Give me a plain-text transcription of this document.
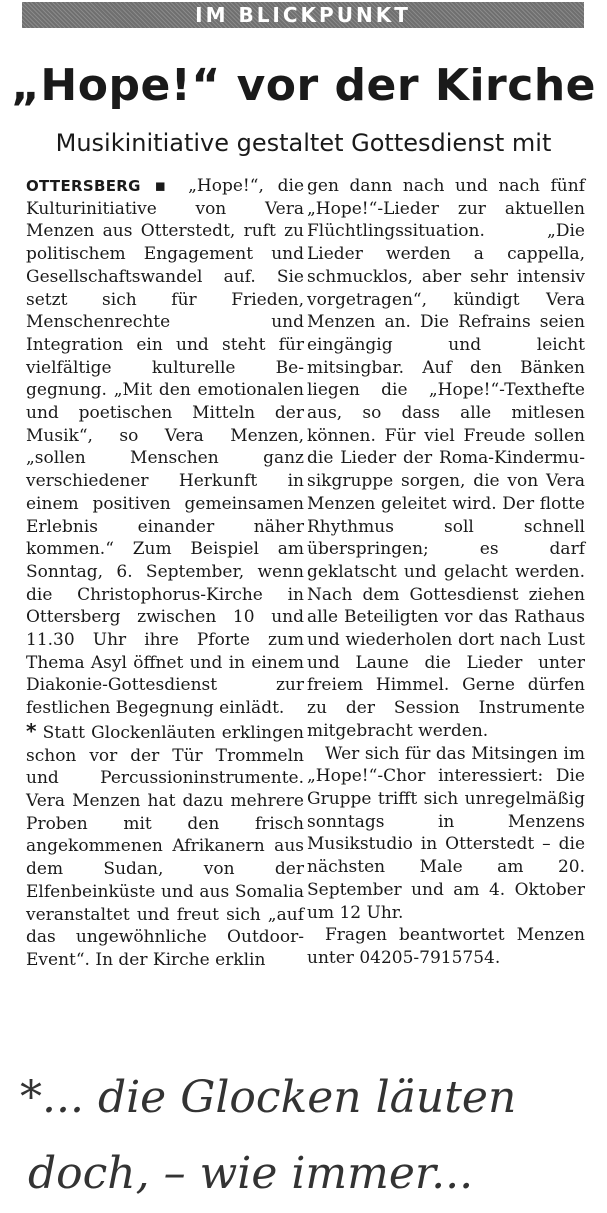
IM BLICKPUNKT
„Hope!“ vor der Kirche
Musikinitiative gestaltet Gottesdienst mit

OTTERSBERG ▪ „Hope!“, die Kulturinitiative von Vera Menzen aus Otterstedt, ruft zu politischem Engagement und Gesellschaftswandel auf. Sie setzt sich für Frieden, Menschenrechte und Integration ein und steht für vielfältige kulturelle Begegnung. „Mit den emotionalen und poetischen Mitteln der Musik“, so Vera Menzen, „sollen Menschen ganz verschiedener Herkunft in einem positiven gemeinsamen Erlebnis einander näher kommen.“ Zum Beispiel am Sonntag, 6. September, wenn die Christophorus-Kirche in Ottersberg zwischen 10 und 11.30 Uhr ihre Pforte zum Thema Asyl öffnet und in einem Diakonie-Gottesdienst zur festlichen Begegnung einlädt.

* Statt Glockenläuten erklingen schon vor der Tür Trommeln und Percussioninstrumente. Vera Menzen hat dazu mehrere Proben mit den frisch angekommenen Afrikanern aus dem Sudan, von der Elfenbeinküste und aus Somalia veranstaltet und freut sich „auf das ungewöhnliche Outdoor-Event“. In der Kirche erklin

gen dann nach und nach fünf „Hope!“-Lieder zur aktuellen Flüchtlingssituation. „Die Lieder werden a cappella, schmucklos, aber sehr intensiv vorgetragen“, kündigt Vera Menzen an. Die Refrains seien eingängig und leicht mitsingbar. Auf den Bänken liegen die „Hope!“-Texthefte aus, so dass alle mitlesen können. Für viel Freude sollen die Lieder der Roma-Kindermusikgruppe sorgen, die von Vera Menzen geleitet wird. Der flotte Rhythmus soll schnell überspringen; es darf geklatscht und gelacht werden. Nach dem Gottesdienst ziehen alle Beteiligten vor das Rathaus und wiederholen dort nach Lust und Laune die Lieder unter freiem Himmel. Gerne dürfen zu der Session Instrumente mitgebracht werden.

Wer sich für das Mitsingen im „Hope!“-Chor interessiert: Die Gruppe trifft sich unregelmäßig sonntags in Menzens Musikstudio in Otterstedt – die nächsten Male am 20. September und am 4. Oktober um 12 Uhr.

Fragen beantwortet Menzen unter 04205-7915754.

*... die Glocken läuten
doch, – wie immer...
